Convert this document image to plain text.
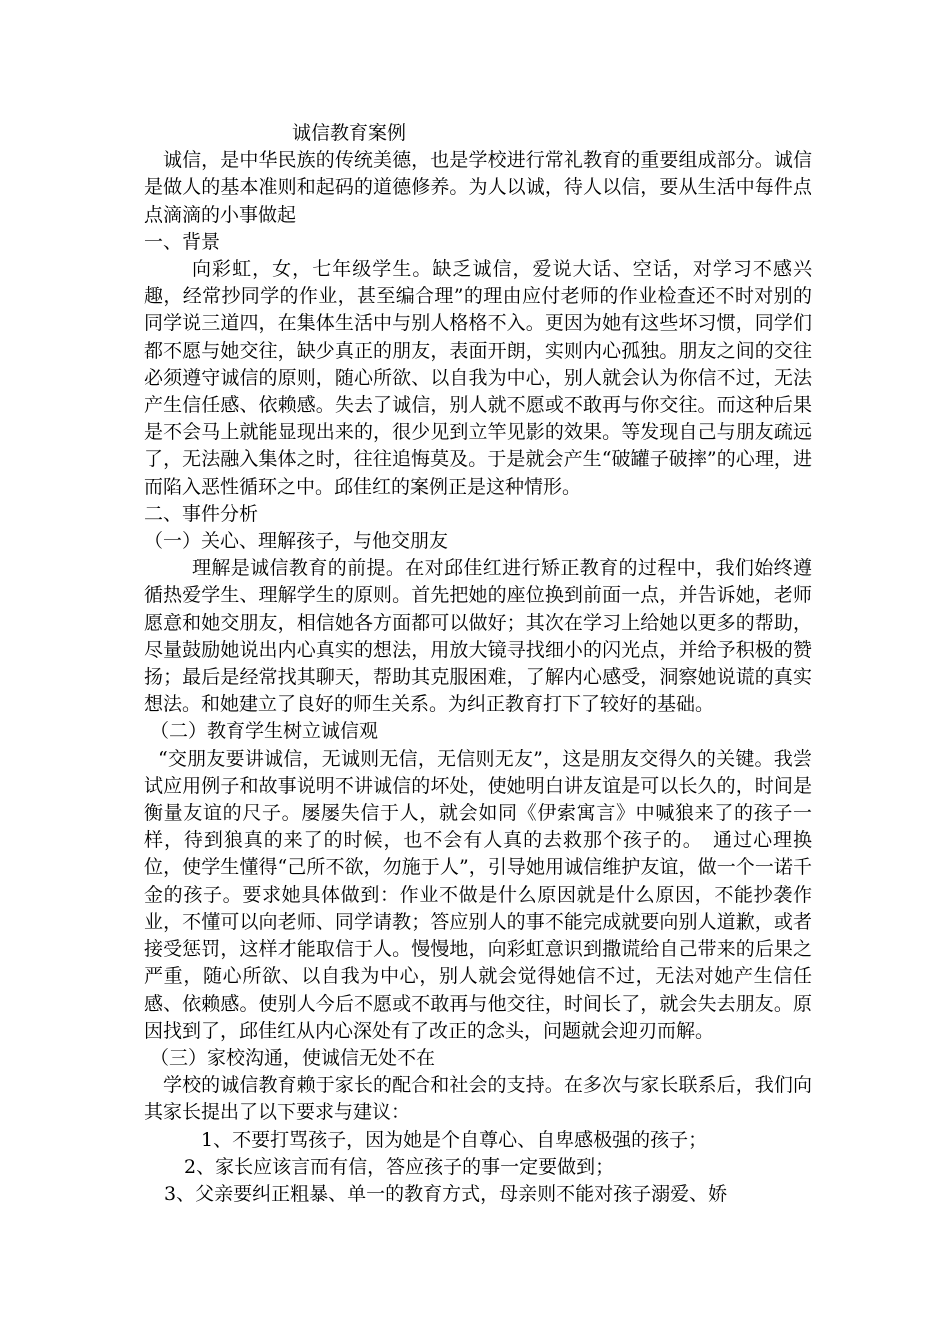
诚信教育案例

诚信，是中华民族的传统美德，也是学校进行常礼教育的重要组成部分。诚信是做人的基本准则和起码的道德修养。为人以诚，待人以信，要从生活中每件点点滴滴的小事做起

一、背景

向彩虹，女，七年级学生。缺乏诚信，爱说大话、空话，对学习不感兴趣，经常抄同学的作业，甚至编合理”的理由应付老师的作业检查还不时对别的同学说三道四，在集体生活中与别人格格不入。更因为她有这些坏习惯，同学们都不愿与她交往，缺少真正的朋友，表面开朗，实则内心孤独。朋友之间的交往必须遵守诚信的原则，随心所欲、以自我为中心，别人就会认为你信不过，无法产生信任感、依赖感。失去了诚信，别人就不愿或不敢再与你交往。而这种后果是不会马上就能显现出来的，很少见到立竿见影的效果。等发现自己与朋友疏远了，无法融入集体之时，往往追悔莫及。于是就会产生“破罐子破摔”的心理，进而陷入恶性循环之中。邱佳红的案例正是这种情形。

二、事件分析

（一）关心、理解孩子，与他交朋友

理解是诚信教育的前提。在对邱佳红进行矫正教育的过程中，我们始终遵循热爱学生、理解学生的原则。首先把她的座位换到前面一点，并告诉她，老师愿意和她交朋友，相信她各方面都可以做好；其次在学习上给她以更多的帮助，尽量鼓励她说出内心真实的想法，用放大镜寻找细小的闪光点，并给予积极的赞扬；最后是经常找其聊天，帮助其克服困难，了解内心感受，洞察她说谎的真实想法。和她建立了良好的师生关系。为纠正教育打下了较好的基础。

（二）教育学生树立诚信观

“交朋友要讲诚信，无诚则无信，无信则无友”，这是朋友交得久的关键。我尝试应用例子和故事说明不讲诚信的坏处，使她明白讲友谊是可以长久的，时间是衡量友谊的尺子。屡屡失信于人，就会如同《伊索寓言》中喊狼来了的孩子一样，待到狼真的来了的时候，也不会有人真的去救那个孩子的。　通过心理换位，使学生懂得“己所不欲，勿施于人”，引导她用诚信维护友谊，做一个一诺千金的孩子。要求她具体做到：作业不做是什么原因就是什么原因，不能抄袭作业，不懂可以向老师、同学请教；答应别人的事不能完成就要向别人道歉，或者接受惩罚，这样才能取信于人。慢慢地，向彩虹意识到撒谎给自己带来的后果之严重，随心所欲、以自我为中心，别人就会觉得她信不过，无法对她产生信任感、依赖感。使别人今后不愿或不敢再与他交往，时间长了，就会失去朋友。原因找到了，邱佳红从内心深处有了改正的念头，问题就会迎刃而解。

（三）家校沟通，使诚信无处不在

学校的诚信教育赖于家长的配合和社会的支持。在多次与家长联系后，我们向其家长提出了以下要求与建议：

1、不要打骂孩子，因为她是个自尊心、自卑感极强的孩子；

2、家长应该言而有信，答应孩子的事一定要做到；

3、父亲要纠正粗暴、单一的教育方式，母亲则不能对孩子溺爱、娇
